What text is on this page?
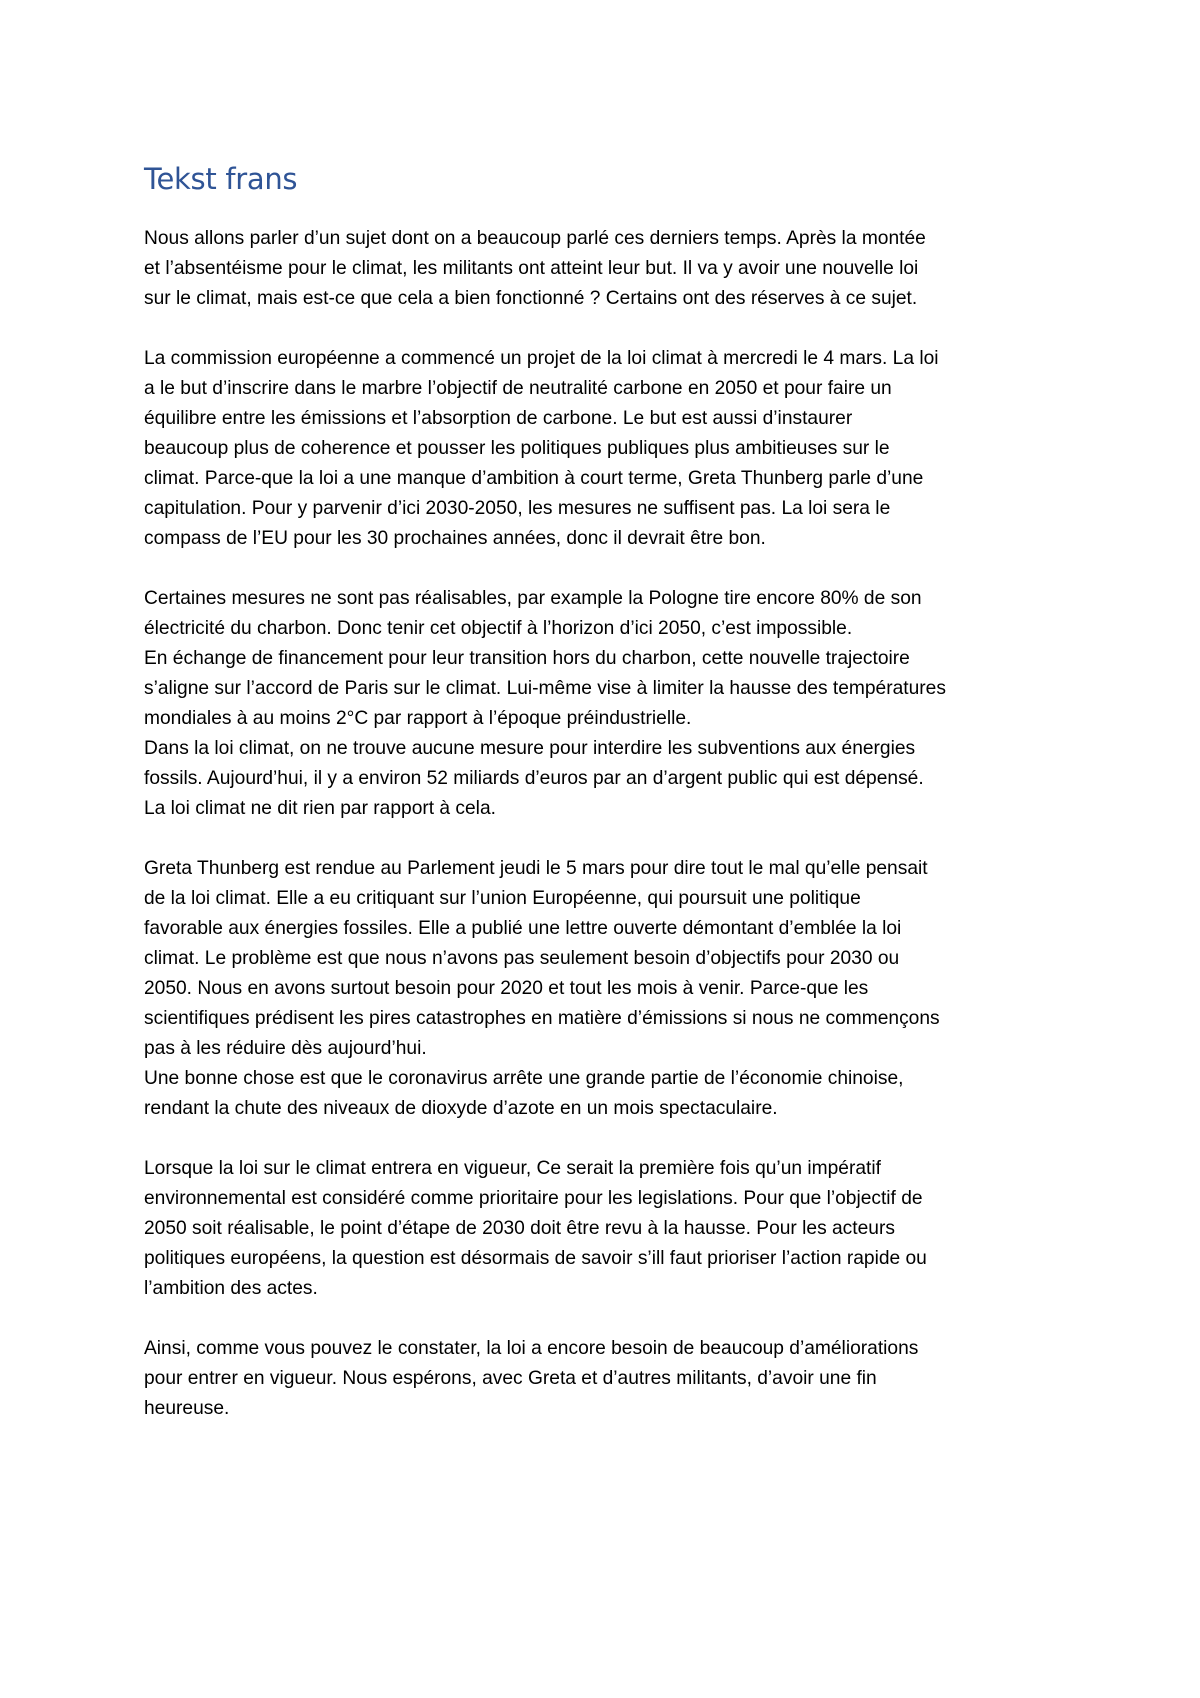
Tekst frans

Nous allons parler d’un sujet dont on a beaucoup parlé ces derniers temps. Après la montée
et l’absentéisme pour le climat, les militants ont atteint leur but. Il va y avoir une nouvelle loi
sur le climat, mais est-ce que cela a bien fonctionné ? Certains ont des réserves à ce sujet.

La commission européenne a commencé un projet de la loi climat à mercredi le 4 mars. La loi
a le but d’inscrire dans le marbre l’objectif de neutralité carbone en 2050 et pour faire un
équilibre entre les émissions et l’absorption de carbone. Le but est aussi d’instaurer
beaucoup plus de coherence et pousser les politiques publiques plus ambitieuses sur le
climat. Parce-que la loi a une manque d’ambition à court terme, Greta Thunberg parle d’une
capitulation. Pour y parvenir d’ici 2030-2050, les mesures ne suffisent pas. La loi sera le
compass de l’EU pour les 30 prochaines années, donc il devrait être bon.

Certaines mesures ne sont pas réalisables, par example la Pologne tire encore 80% de son
électricité du charbon. Donc tenir cet objectif à l’horizon d’ici 2050, c’est impossible.
En échange de financement pour leur transition hors du charbon, cette nouvelle trajectoire
s’aligne sur l’accord de Paris sur le climat. Lui-même vise à limiter la hausse des températures
mondiales à au moins 2°C par rapport à l’époque préindustrielle.
Dans la loi climat, on ne trouve aucune mesure pour interdire les subventions aux énergies
fossils. Aujourd’hui, il y a environ 52 miliards d’euros par an d’argent public qui est dépensé.
La loi climat ne dit rien par rapport à cela.

Greta Thunberg est rendue au Parlement jeudi le 5 mars pour dire tout le mal qu’elle pensait
de la loi climat. Elle a eu critiquant sur l’union Européenne, qui poursuit une politique
favorable aux énergies fossiles. Elle a publié une lettre ouverte démontant d’emblée la loi
climat. Le problème est que nous n’avons pas seulement besoin d’objectifs pour 2030 ou
2050. Nous en avons surtout besoin pour 2020 et tout les mois à venir. Parce-que les
scientifiques prédisent les pires catastrophes en matière d’émissions si nous ne commençons
pas à les réduire dès aujourd’hui.
Une bonne chose est que le coronavirus arrête une grande partie de l’économie chinoise,
rendant la chute des niveaux de dioxyde d’azote en un mois spectaculaire.

Lorsque la loi sur le climat entrera en vigueur, Ce serait la première fois qu’un impératif
environnemental est considéré comme prioritaire pour les legislations. Pour que l’objectif de
2050 soit réalisable, le point d’étape de 2030 doit être revu à la hausse. Pour les acteurs
politiques européens, la question est désormais de savoir s’ill faut prioriser l’action rapide ou
l’ambition des actes.

Ainsi, comme vous pouvez le constater, la loi a encore besoin de beaucoup d’améliorations
pour entrer en vigueur. Nous espérons, avec Greta et d’autres militants, d’avoir une fin
heureuse.
